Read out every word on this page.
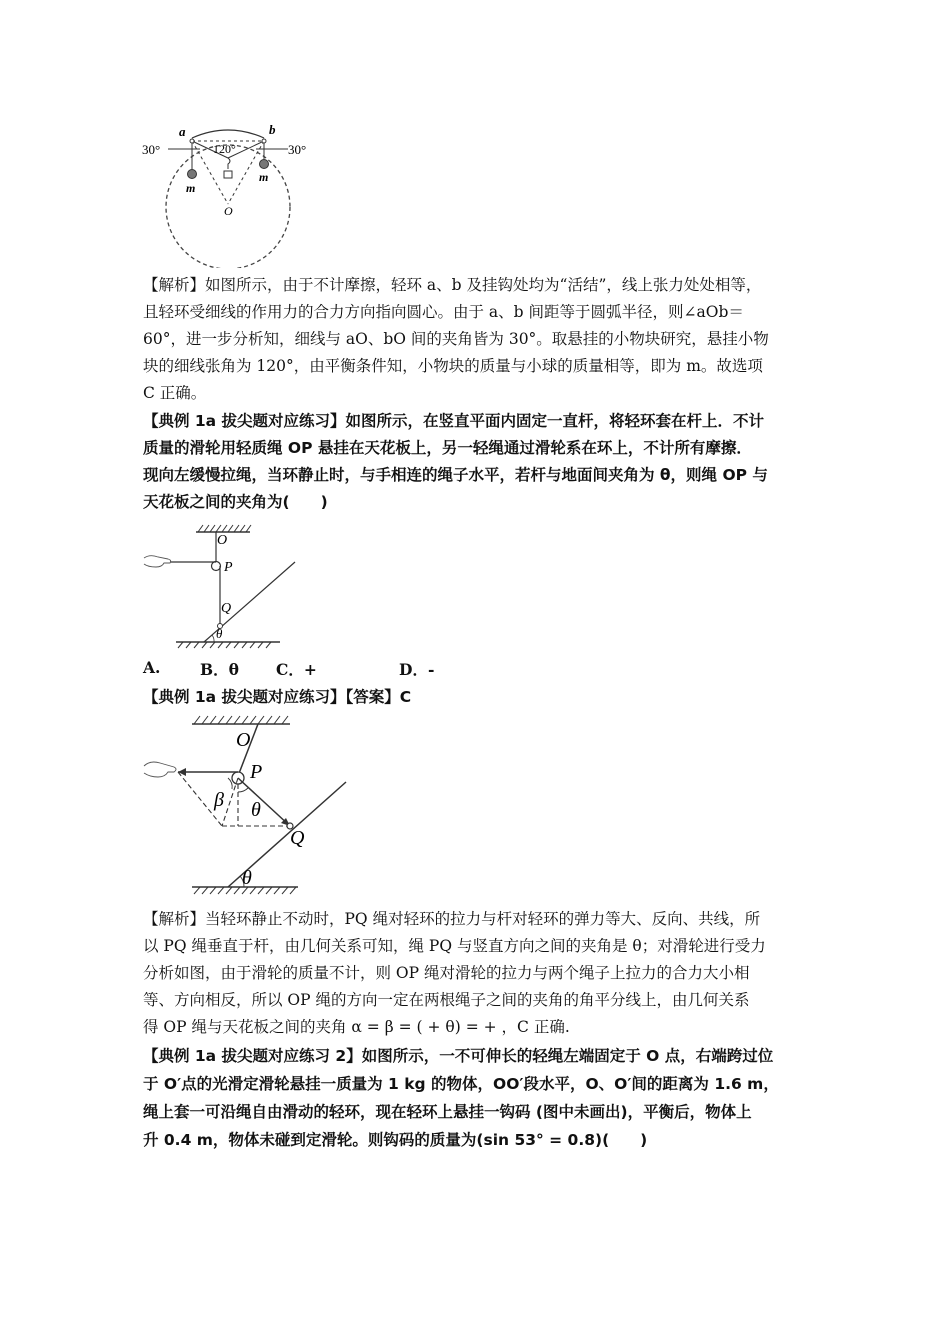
a	b
30°	30°
120°
m
m
O
【解析】如图所示，由于不计摩擦，轻环 a、b 及挂钩处均为“活结”，线上张力处处相等，
且轻环受细线的作用力的合力方向指向圆心。由于 a、b 间距等于圆弧半径，则∠aOb＝
60°，进一步分析知，细线与 aO、bO 间的夹角皆为 30°。取悬挂的小物块研究，悬挂小物
块的细线张角为 120°，由平衡条件知，小物块的质量与小球的质量相等，即为 m。故选项
C 正确。
【典例 1a 拔尖题对应练习】如图所示，在竖直平面内固定一直杆，将轻环套在杆上．不计
质量的滑轮用轻质绳 OP 悬挂在天花板上，另一轻绳通过滑轮系在环上，不计所有摩擦．
现向左缓慢拉绳，当环静止时，与手相连的绳子水平，若杆与地面间夹角为 θ，则绳 OP 与
天花板之间的夹角为(　　)
O
P
Q
θ
A.	B．θ C．+	D．-
【典例 1a 拔尖题对应练习】【答案】C
O
P
Q
β θ
θ
【解析】当轻环静止不动时，PQ 绳对轻环的拉力与杆对轻环的弹力等大、反向、共线，所
以 PQ 绳垂直于杆，由几何关系可知，绳 PQ 与竖直方向之间的夹角是 θ；对滑轮进行受力
分析如图，由于滑轮的质量不计，则 OP 绳对滑轮的拉力与两个绳子上拉力的合力大小相
等、方向相反，所以 OP 绳的方向一定在两根绳子之间的夹角的角平分线上，由几何关系
得 OP 绳与天花板之间的夹角 α = β = ( + θ) = + ，C 正确.
【典例 1a 拔尖题对应练习 2】如图所示，一不可伸长的轻绳左端固定于 O 点，右端跨过位
于 O′点的光滑定滑轮悬挂一质量为 1 kg 的物体，OO′段水平，O、O′间的距离为 1.6 m，
绳上套一可沿绳自由滑动的轻环，现在轻环上悬挂一钩码 (图中未画出)，平衡后，物体上
升 0.4 m，物体未碰到定滑轮。则钩码的质量为(sin 53° = 0.8)(　　)
